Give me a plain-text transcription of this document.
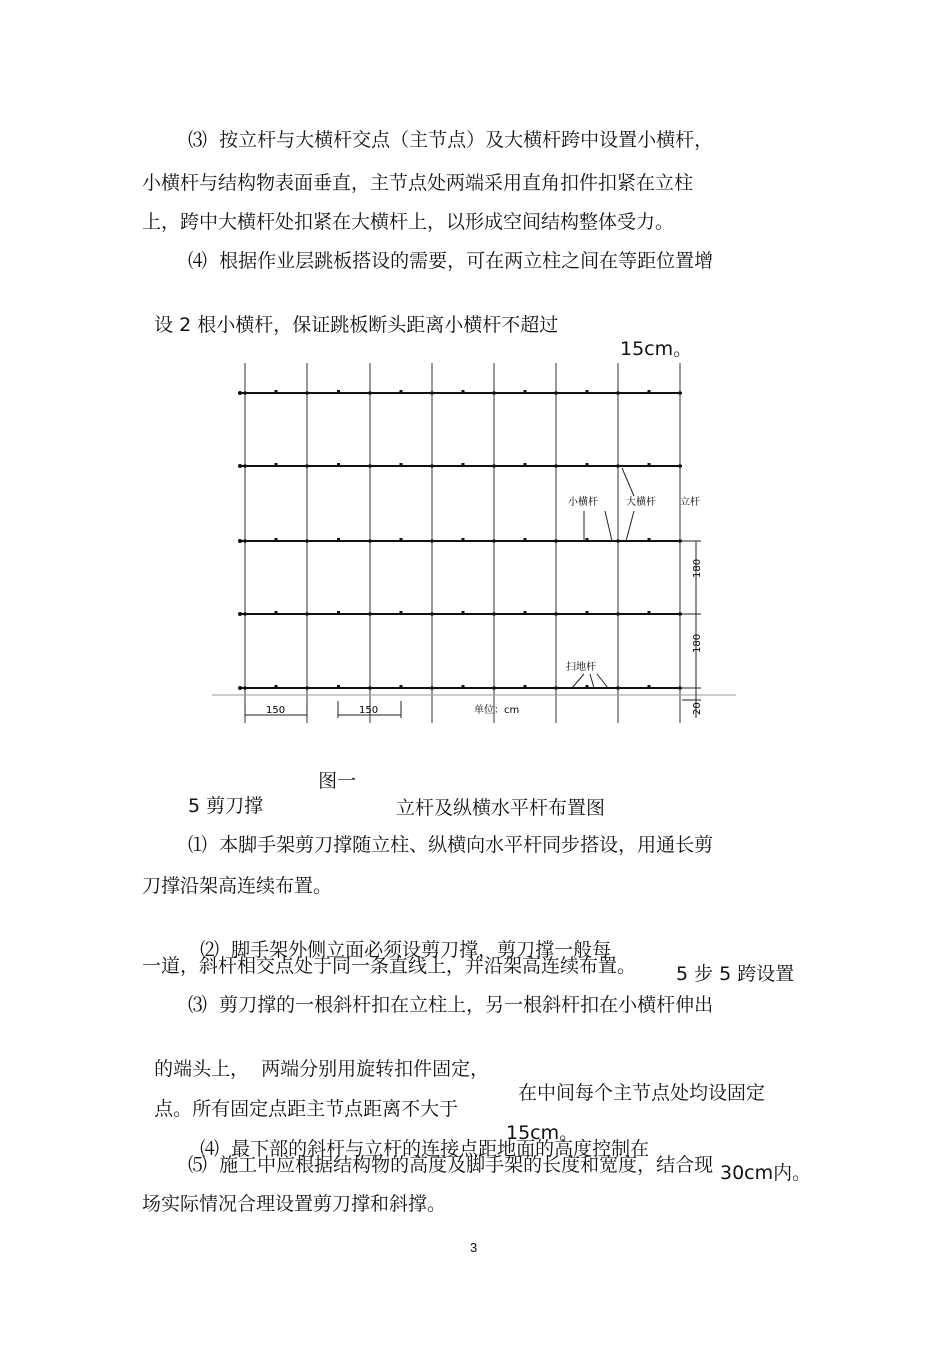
⑶  按立杆与大横杆交点（主节点）及大横杆跨中设置小横杆，
小横杆与结构物表面垂直，主节点处两端采用直角扣件扣紧在立柱
上，跨中大横杆处扣紧在大横杆上，以形成空间结构整体受力。
⑷  根据作业层跳板搭设的需要，可在两立柱之间在等距位置增

设 2 根小横杆，保证跳板断头距离小横杆不超过

15cm。

180
180
20
150	150	单位：cm
小横杆	大横杆 立杆
扫地杆

图一

立杆及纵横水平杆布置图

5 剪刀撑
⑴  本脚手架剪刀撑随立柱、纵横向水平杆同步搭设，用通长剪
刀撑沿架高连续布置。

⑵  脚手架外侧立面必须设剪刀撑，剪刀撑一般每

5 步 5 跨设置

一道，斜杆相交点处于同一条直线上，并沿架高连续布置。
⑶  剪刀撑的一根斜杆扣在立柱上，另一根斜杆扣在小横杆伸出

的端头上，  两端分别用旋转扣件固定，

在中间每个主节点处均设固定

点。所有固定点距主节点距离不大于

15cm。

⑷  最下部的斜杆与立杆的连接点距地面的高度控制在

30cm内。

⑸  施工中应根据结构物的高度及脚手架的长度和宽度，结合现
场实际情况合理设置剪刀撑和斜撑。
3
